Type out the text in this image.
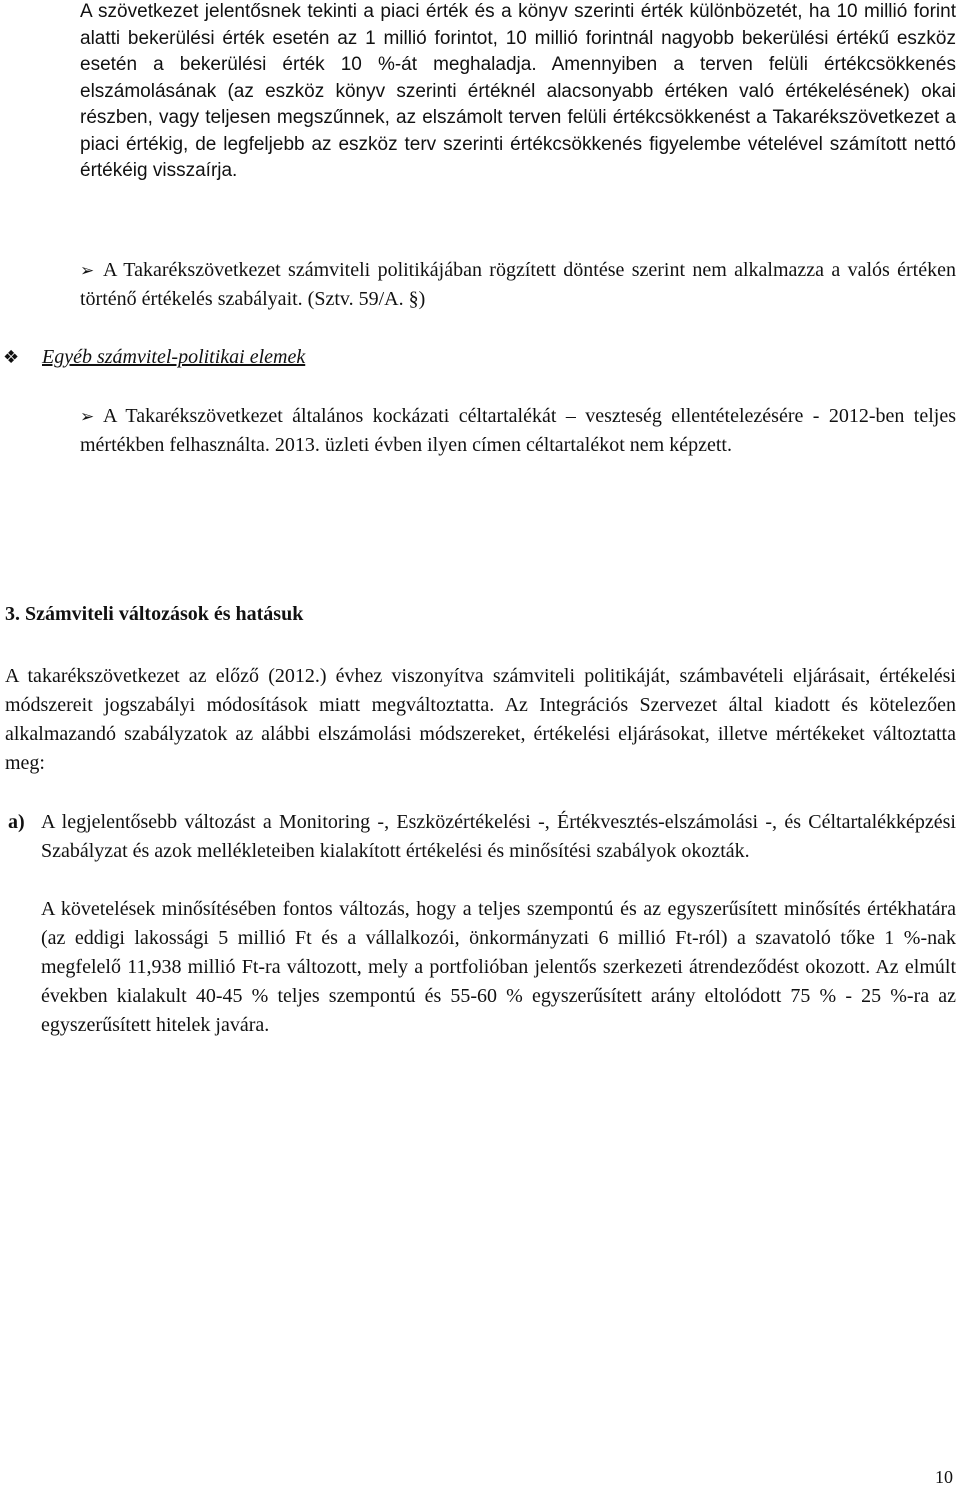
A szövetkezet jelentősnek tekinti a piaci érték és a könyv szerinti érték különbözetét, ha 10 millió forint alatti bekerülési érték esetén az 1 millió forintot, 10 millió forintnál nagyobb bekerülési értékű eszköz esetén a bekerülési érték 10 %-át meghaladja. Amennyiben a terven felüli értékcsökkenés elszámolásának (az eszköz könyv szerinti értéknél alacsonyabb értéken való értékelésének) okai részben, vagy teljesen megszűnnek, az elszámolt terven felüli értékcsökkenést a Takarékszövetkezet a piaci értékig, de legfeljebb az eszköz terv szerinti értékcsökkenés figyelembe vételével számított nettó értékéig visszaírja.
➢ A Takarékszövetkezet számviteli politikájában rögzített döntése szerint nem alkalmazza a valós értéken történő értékelés szabályait. (Sztv. 59/A. §)
❖ Egyéb számvitel-politikai elemek
➢ A Takarékszövetkezet általános kockázati céltartalékát – veszteség ellentételezésére - 2012-ben teljes mértékben felhasználta. 2013. üzleti évben ilyen címen céltartalékot nem képzett.
3. Számviteli változások és hatásuk
A takarékszövetkezet az előző (2012.) évhez viszonyítva számviteli politikáját, számbavételi eljárásait, értékelési módszereit jogszabályi módosítások miatt megváltoztatta. Az Integrációs Szervezet által kiadott és kötelezően alkalmazandó szabályzatok az alábbi elszámolási módszereket, értékelési eljárásokat, illetve mértékeket változtatta meg:
a) A legjelentősebb változást a Monitoring -, Eszközértékelési -, Értékvesztés-elszámolási -, és Céltartalékképzési Szabályzat és azok mellékleteiben kialakított értékelési és minősítési szabályok okozták.
A követelések minősítésében fontos változás, hogy a teljes szempontú és az egyszerűsített minősítés értékhatára (az eddigi lakossági 5 millió Ft és a vállalkozói, önkormányzati 6 millió Ft-ról) a szavatoló tőke 1 %-nak megfelelő 11,938 millió Ft-ra változott, mely a portfolióban jelentős szerkezeti átrendeződést okozott. Az elmúlt években kialakult 40-45 % teljes szempontú és 55-60 % egyszerűsített arány eltolódott 75 % - 25 %-ra az egyszerűsített hitelek javára.
10
